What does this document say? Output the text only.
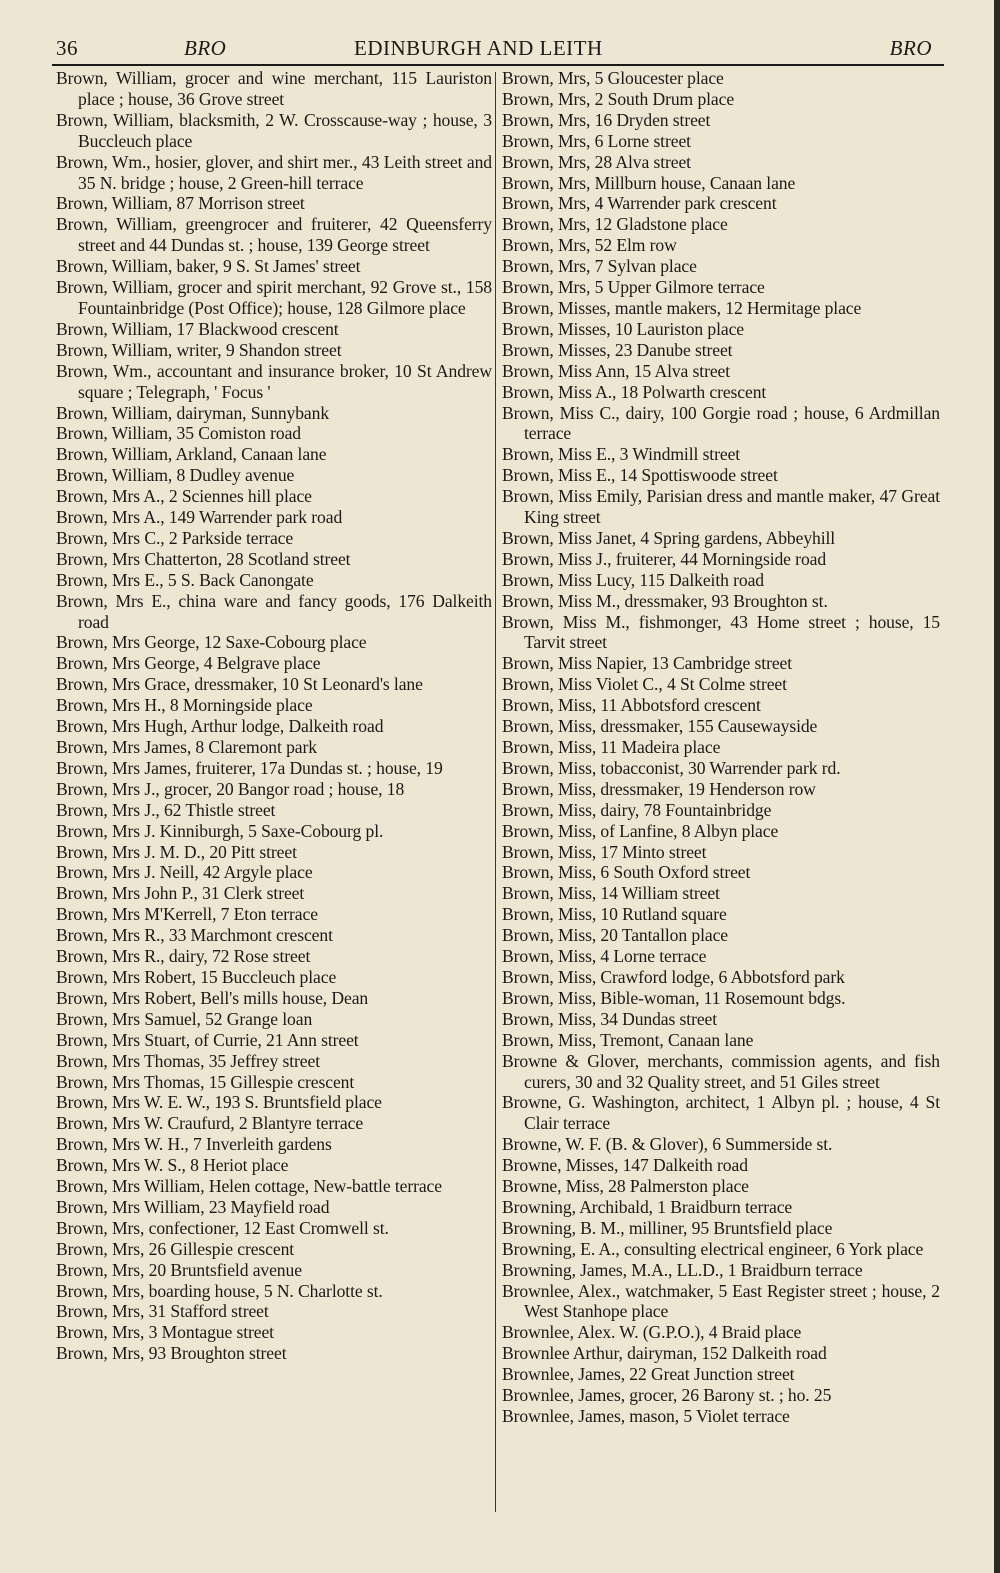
36	BRO	EDINBURGH AND LEITH	BRO

Brown, William, grocer and wine merchant, 115 Lauriston place ; house, 36 Grove street

Brown, William, blacksmith, 2 W. Crosscause-way ; house, 3 Buccleuch place

Brown, Wm., hosier, glover, and shirt mer., 43 Leith street and 35 N. bridge ; house, 2 Green-hill terrace

Brown, William, 87 Morrison street

Brown, William, greengrocer and fruiterer, 42 Queensferry street and 44 Dundas st. ; house, 139 George street

Brown, William, baker, 9 S. St James' street

Brown, William, grocer and spirit merchant, 92 Grove st., 158 Fountainbridge (Post Office); house, 128 Gilmore place

Brown, William, 17 Blackwood crescent

Brown, William, writer, 9 Shandon street

Brown, Wm., accountant and insurance broker, 10 St Andrew square ; Telegraph, ' Focus '

Brown, William, dairyman, Sunnybank

Brown, William, 35 Comiston road

Brown, William, Arkland, Canaan lane

Brown, William, 8 Dudley avenue

Brown, Mrs A., 2 Sciennes hill place

Brown, Mrs A., 149 Warrender park road

Brown, Mrs C., 2 Parkside terrace

Brown, Mrs Chatterton, 28 Scotland street

Brown, Mrs E., 5 S. Back Canongate

Brown, Mrs E., china ware and fancy goods, 176 Dalkeith road

Brown, Mrs George, 12 Saxe-Cobourg place

Brown, Mrs George, 4 Belgrave place

Brown, Mrs Grace, dressmaker, 10 St Leonard's lane

Brown, Mrs H., 8 Morningside place

Brown, Mrs Hugh, Arthur lodge, Dalkeith road

Brown, Mrs James, 8 Claremont park

Brown, Mrs James, fruiterer, 17a Dundas st. ; house, 19

Brown, Mrs J., grocer, 20 Bangor road ; house, 18

Brown, Mrs J., 62 Thistle street

Brown, Mrs J. Kinniburgh, 5 Saxe-Cobourg pl.

Brown, Mrs J. M. D., 20 Pitt street

Brown, Mrs J. Neill, 42 Argyle place

Brown, Mrs John P., 31 Clerk street

Brown, Mrs M'Kerrell, 7 Eton terrace

Brown, Mrs R., 33 Marchmont crescent

Brown, Mrs R., dairy, 72 Rose street

Brown, Mrs Robert, 15 Buccleuch place

Brown, Mrs Robert, Bell's mills house, Dean

Brown, Mrs Samuel, 52 Grange loan

Brown, Mrs Stuart, of Currie, 21 Ann street

Brown, Mrs Thomas, 35 Jeffrey street

Brown, Mrs Thomas, 15 Gillespie crescent

Brown, Mrs W. E. W., 193 S. Bruntsfield place

Brown, Mrs W. Craufurd, 2 Blantyre terrace

Brown, Mrs W. H., 7 Inverleith gardens

Brown, Mrs W. S., 8 Heriot place

Brown, Mrs William, Helen cottage, New-battle terrace

Brown, Mrs William, 23 Mayfield road

Brown, Mrs, confectioner, 12 East Cromwell st.

Brown, Mrs, 26 Gillespie crescent

Brown, Mrs, 20 Bruntsfield avenue

Brown, Mrs, boarding house, 5 N. Charlotte st.

Brown, Mrs, 31 Stafford street

Brown, Mrs, 3 Montague street

Brown, Mrs, 93 Broughton street

Brown, Mrs, 5 Gloucester place

Brown, Mrs, 2 South Drum place

Brown, Mrs, 16 Dryden street

Brown, Mrs, 6 Lorne street

Brown, Mrs, 28 Alva street

Brown, Mrs, Millburn house, Canaan lane

Brown, Mrs, 4 Warrender park crescent

Brown, Mrs, 12 Gladstone place

Brown, Mrs, 52 Elm row

Brown, Mrs, 7 Sylvan place

Brown, Mrs, 5 Upper Gilmore terrace

Brown, Misses, mantle makers, 12 Hermitage place

Brown, Misses, 10 Lauriston place

Brown, Misses, 23 Danube street

Brown, Miss Ann, 15 Alva street

Brown, Miss A., 18 Polwarth crescent

Brown, Miss C., dairy, 100 Gorgie road ; house, 6 Ardmillan terrace

Brown, Miss E., 3 Windmill street

Brown, Miss E., 14 Spottiswoode street

Brown, Miss Emily, Parisian dress and mantle maker, 47 Great King street

Brown, Miss Janet, 4 Spring gardens, Abbeyhill

Brown, Miss J., fruiterer, 44 Morningside road

Brown, Miss Lucy, 115 Dalkeith road

Brown, Miss M., dressmaker, 93 Broughton st.

Brown, Miss M., fishmonger, 43 Home street ; house, 15 Tarvit street

Brown, Miss Napier, 13 Cambridge street

Brown, Miss Violet C., 4 St Colme street

Brown, Miss, 11 Abbotsford crescent

Brown, Miss, dressmaker, 155 Causewayside

Brown, Miss, 11 Madeira place

Brown, Miss, tobacconist, 30 Warrender park rd.

Brown, Miss, dressmaker, 19 Henderson row

Brown, Miss, dairy, 78 Fountainbridge

Brown, Miss, of Lanfine, 8 Albyn place

Brown, Miss, 17 Minto street

Brown, Miss, 6 South Oxford street

Brown, Miss, 14 William street

Brown, Miss, 10 Rutland square

Brown, Miss, 20 Tantallon place

Brown, Miss, 4 Lorne terrace

Brown, Miss, Crawford lodge, 6 Abbotsford park

Brown, Miss, Bible-woman, 11 Rosemount bdgs.

Brown, Miss, 34 Dundas street

Brown, Miss, Tremont, Canaan lane

Browne & Glover, merchants, commission agents, and fish curers, 30 and 32 Quality street, and 51 Giles street

Browne, G. Washington, architect, 1 Albyn pl. ; house, 4 St Clair terrace

Browne, W. F. (B. & Glover), 6 Summerside st.

Browne, Misses, 147 Dalkeith road

Browne, Miss, 28 Palmerston place

Browning, Archibald, 1 Braidburn terrace

Browning, B. M., milliner, 95 Bruntsfield place

Browning, E. A., consulting electrical engineer, 6 York place

Browning, James, M.A., LL.D., 1 Braidburn terrace

Brownlee, Alex., watchmaker, 5 East Register street ; house, 2 West Stanhope place

Brownlee, Alex. W. (G.P.O.), 4 Braid place

Brownlee Arthur, dairyman, 152 Dalkeith road

Brownlee, James, 22 Great Junction street

Brownlee, James, grocer, 26 Barony st. ; ho. 25

Brownlee, James, mason, 5 Violet terrace
